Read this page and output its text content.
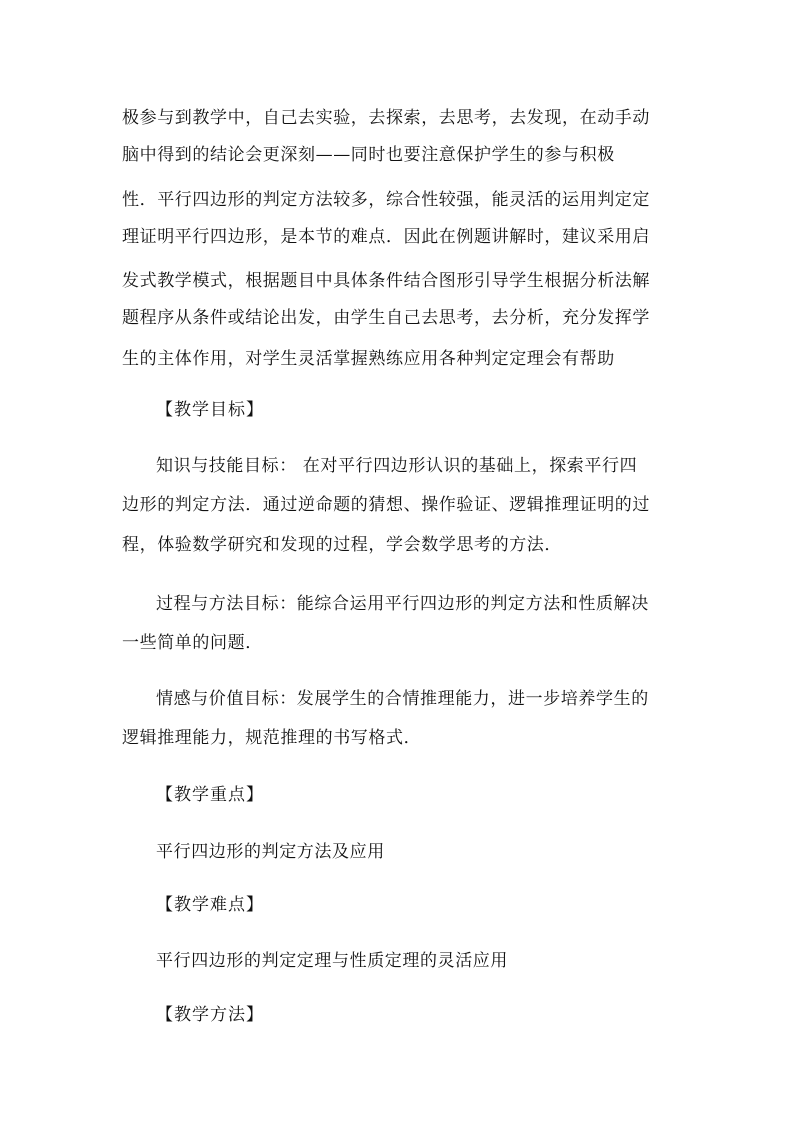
极参与到教学中，自己去实验，去探索，去思考，去发现，在动手动

脑中得到的结论会更深刻——同时也要注意保护学生的参与积极

性．平行四边形的判定方法较多，综合性较强，能灵活的运用判定定

理证明平行四边形，是本节的难点．因此在例题讲解时，建议采用启

发式教学模式，根据题目中具体条件结合图形引导学生根据分析法解

题程序从条件或结论出发，由学生自己去思考，去分析，充分发挥学

生的主体作用，对学生灵活掌握熟练应用各种判定定理会有帮助

【教学目标】

知识与技能目标： 在对平行四边形认识的基础上，探索平行四

边形的判定方法．通过逆命题的猜想、操作验证、逻辑推理证明的过

程，体验数学研究和发现的过程，学会数学思考的方法．

过程与方法目标：能综合运用平行四边形的判定方法和性质解决

一些简单的问题．

情感与价值目标：发展学生的合情推理能力，进一步培养学生的

逻辑推理能力，规范推理的书写格式．

【教学重点】

平行四边形的判定方法及应用

【教学难点】

平行四边形的判定定理与性质定理的灵活应用

【教学方法】
